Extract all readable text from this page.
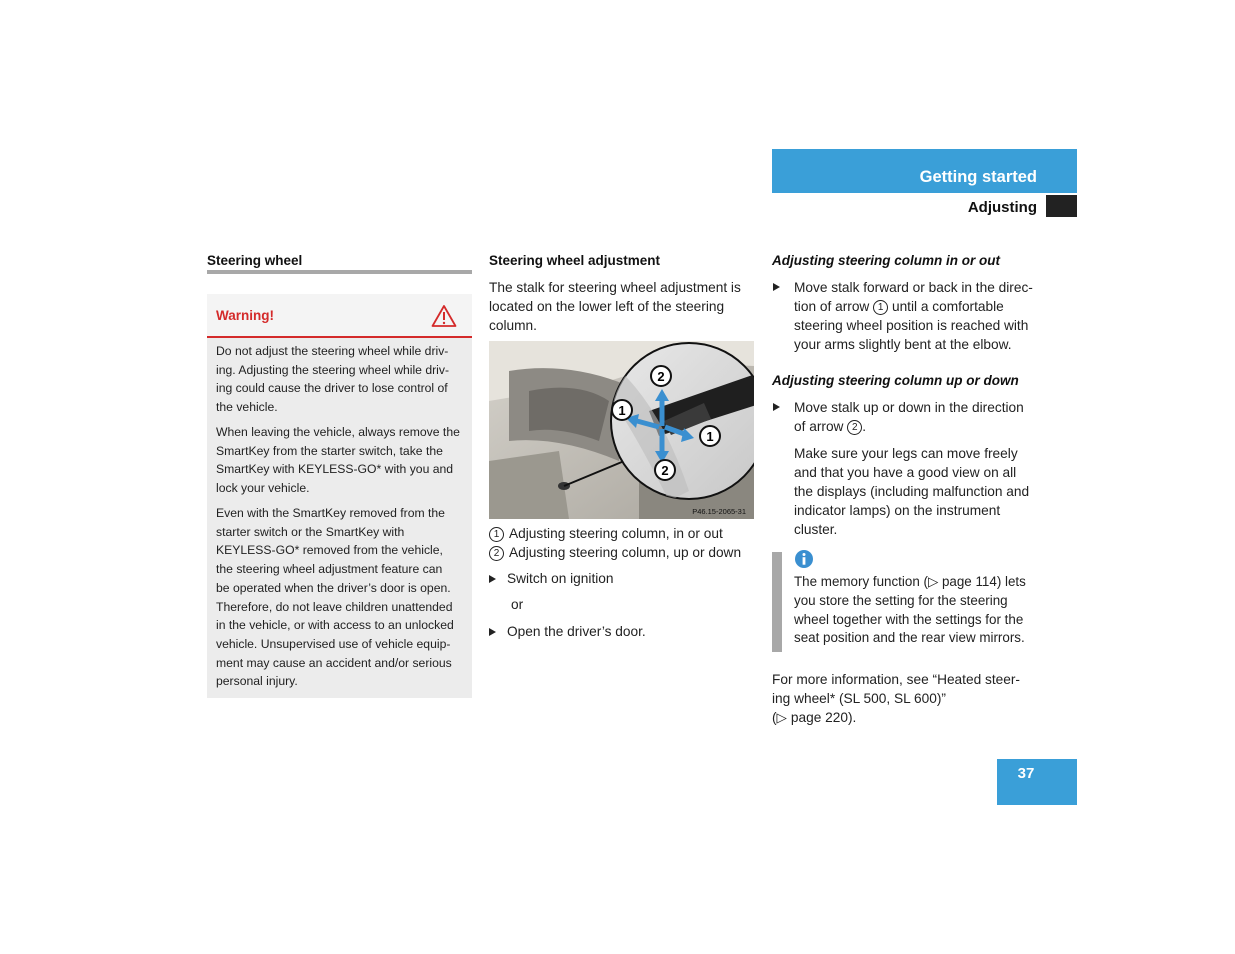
Getting started
Adjusting
Steering wheel
Warning!
Do not adjust the steering wheel while driv-
ing. Adjusting the steering wheel while driv-
ing could cause the driver to lose control of
the vehicle.
When leaving the vehicle, always remove the
SmartKey from the starter switch, take the
SmartKey with KEYLESS-GO* with you and
lock your vehicle.
Even with the SmartKey removed from the
starter switch or the SmartKey with
KEYLESS-GO* removed from the vehicle,
the steering wheel adjustment feature can
be operated when the driver’s door is open.
Therefore, do not leave children unattended
in the vehicle, or with access to an unlocked
vehicle. Unsupervised use of vehicle equip-
ment may cause an accident and/or serious
personal injury.
Steering wheel adjustment
The stalk for steering wheel adjustment is
located on the lower left of the steering
column.
2
1
1
2
P46.15-2065-31
1 Adjusting steering column, in or out
2 Adjusting steering column, up or down
Switch on ignition
or
Open the driver’s door.
Adjusting steering column in or out
Move stalk forward or back in the direc-
tion of arrow 1 until a comfortable
steering wheel position is reached with
your arms slightly bent at the elbow.
Adjusting steering column up or down
Move stalk up or down in the direction
of arrow 2 .
Make sure your legs can move freely
and that you have a good view on all
the displays (including malfunction and
indicator lamps) on the instrument
cluster.
The memory function (▷ page 114) lets
you store the setting for the steering
wheel together with the settings for the
seat position and the rear view mirrors.
For more information, see “Heated steer-
ing wheel* (SL 500, SL 600)”
(▷ page 220).
37
